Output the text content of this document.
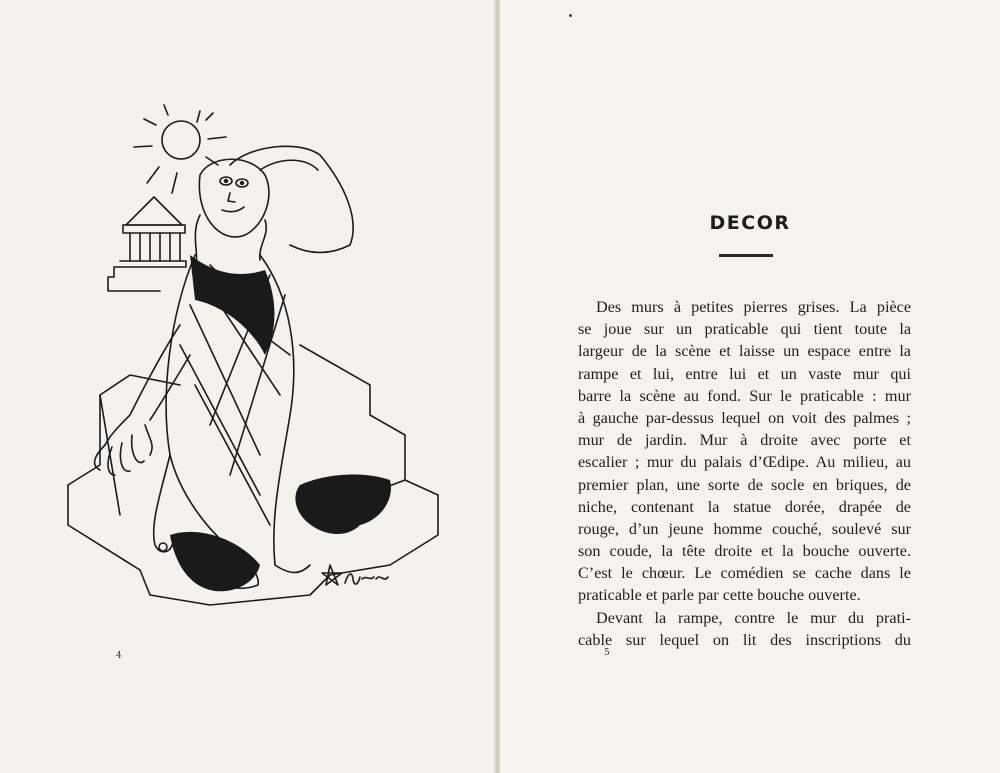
4
DECOR
Des murs à petites pierres grises. La pièce
se joue sur un praticable qui tient toute la
largeur de la scène et laisse un espace entre la
rampe et lui, entre lui et un vaste mur qui
barre la scène au fond. Sur le praticable : mur
à gauche par-dessus lequel on voit des palmes ;
mur de jardin. Mur à droite avec porte et
escalier ; mur du palais d’Œdipe. Au milieu, au
premier plan, une sorte de socle en briques, de
niche, contenant la statue dorée, drapée de
rouge, d’un jeune homme couché, soulevé sur
son coude, la tête droite et la bouche ouverte.
C’est le chœur. Le comédien se cache dans le
praticable et parle par cette bouche ouverte.
Devant la rampe, contre le mur du prati-
cable sur lequel on lit des inscriptions du
5
